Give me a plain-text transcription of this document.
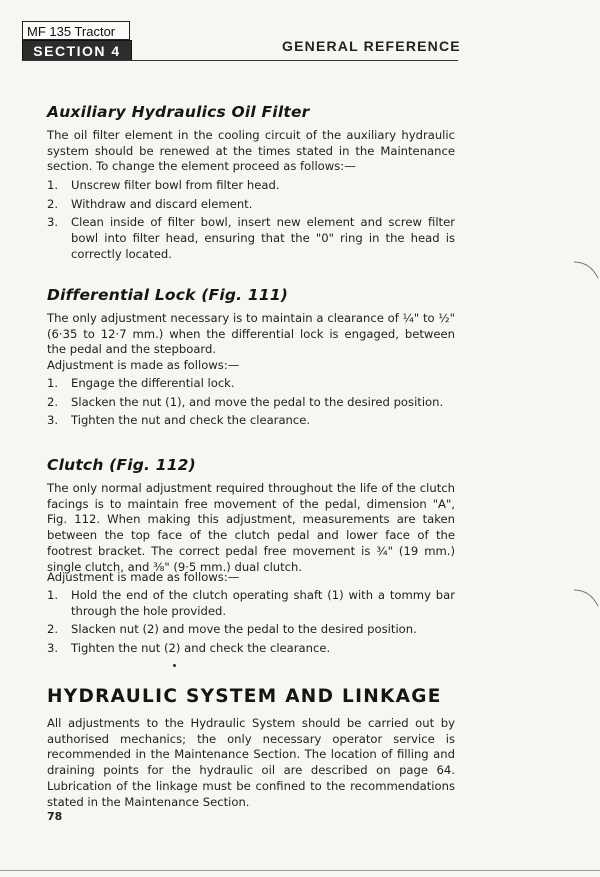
MF 135 Tractor
SECTION 4	GENERAL REFERENCE
Auxiliary Hydraulics Oil Filter
The oil filter element in the cooling circuit of the auxiliary hydraulic system should be renewed at the times stated in the Maintenance section. To change the element proceed as follows:—
1. Unscrew filter bowl from filter head.
2. Withdraw and discard element.
3. Clean inside of filter bowl, insert new element and screw filter bowl into filter head, ensuring that the "0" ring in the head is correctly located.
Differential Lock (Fig. 111)
The only adjustment necessary is to maintain a clearance of ¼" to ½" (6·35 to 12·7 mm.) when the differential lock is engaged, between the pedal and the stepboard.
Adjustment is made as follows:—
1. Engage the differential lock.
2. Slacken the nut (1), and move the pedal to the desired position.
3. Tighten the nut and check the clearance.
Clutch (Fig. 112)
The only normal adjustment required throughout the life of the clutch facings is to maintain free movement of the pedal, dimension "A", Fig. 112. When making this adjustment, measurements are taken between the top face of the clutch pedal and lower face of the footrest bracket. The correct pedal free movement is ¾" (19 mm.) single clutch, and ⅜" (9·5 mm.) dual clutch.
Adjustment is made as follows:—
1. Hold the end of the clutch operating shaft (1) with a tommy bar through the hole provided.
2. Slacken nut (2) and move the pedal to the desired position.
3. Tighten the nut (2) and check the clearance.
HYDRAULIC SYSTEM AND LINKAGE
All adjustments to the Hydraulic System should be carried out by authorised mechanics; the only necessary operator service is recommended in the Maintenance Section. The location of filling and draining points for the hydraulic oil are described on page 64. Lubrication of the linkage must be confined to the recommendations stated in the Maintenance Section.
78
